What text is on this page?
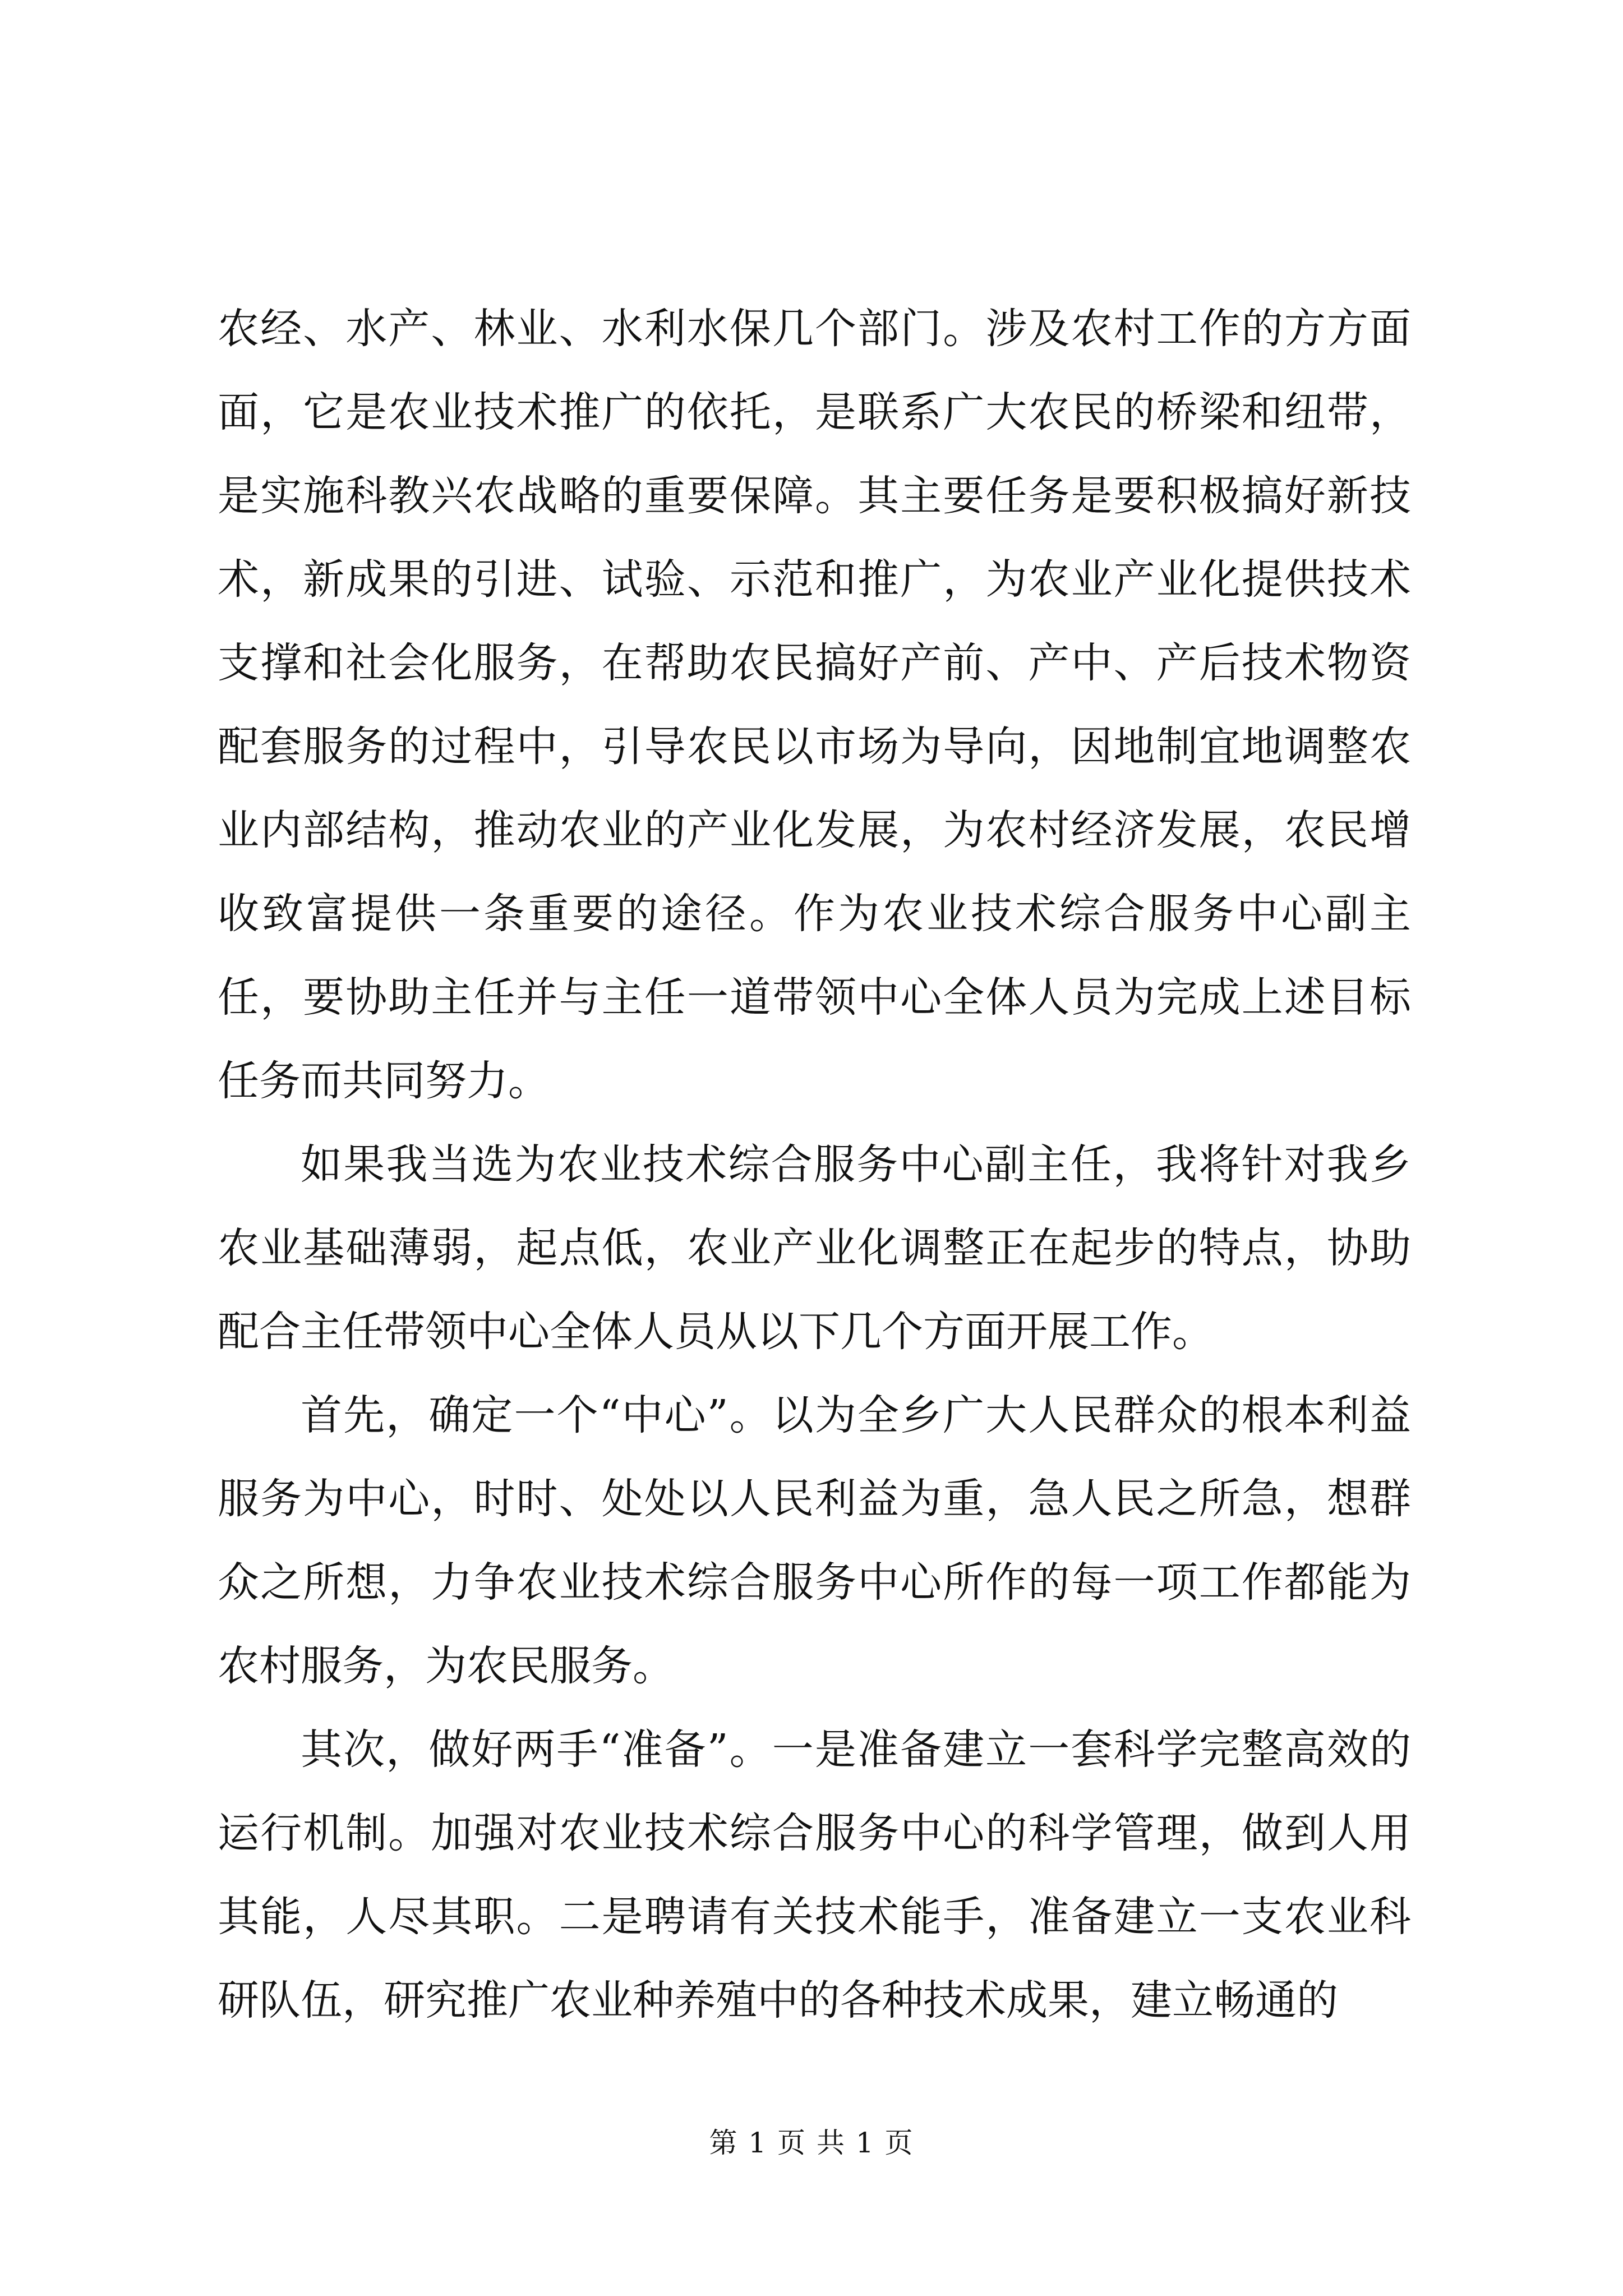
农经、水产、林业、水利水保几个部门。涉及农村工作的方方面面，它是农业技术推广的依托，是联系广大农民的桥梁和纽带，是实施科教兴农战略的重要保障。其主要任务是要积极搞好新技术，新成果的引进、试验、示范和推广，为农业产业化提供技术支撑和社会化服务，在帮助农民搞好产前、产中、产后技术物资配套服务的过程中，引导农民以市场为导向，因地制宜地调整农业内部结构，推动农业的产业化发展，为农村经济发展，农民增收致富提供一条重要的途径。作为农业技术综合服务中心副主任，要协助主任并与主任一道带领中心全体人员为完成上述目标任务而共同努力。

如果我当选为农业技术综合服务中心副主任，我将针对我乡农业基础薄弱，起点低，农业产业化调整正在起步的特点，协助配合主任带领中心全体人员从以下几个方面开展工作。

首先，确定一个“中心”。以为全乡广大人民群众的根本利益服务为中心，时时、处处以人民利益为重，急人民之所急，想群众之所想，力争农业技术综合服务中心所作的每一项工作都能为农村服务，为农民服务。

其次，做好两手“准备”。一是准备建立一套科学完整高效的运行机制。加强对农业技术综合服务中心的科学管理，做到人用其能，人尽其职。二是聘请有关技术能手，准备建立一支农业科研队伍，研究推广农业种养殖中的各种技术成果，建立畅通的

第 1 页 共 1 页
